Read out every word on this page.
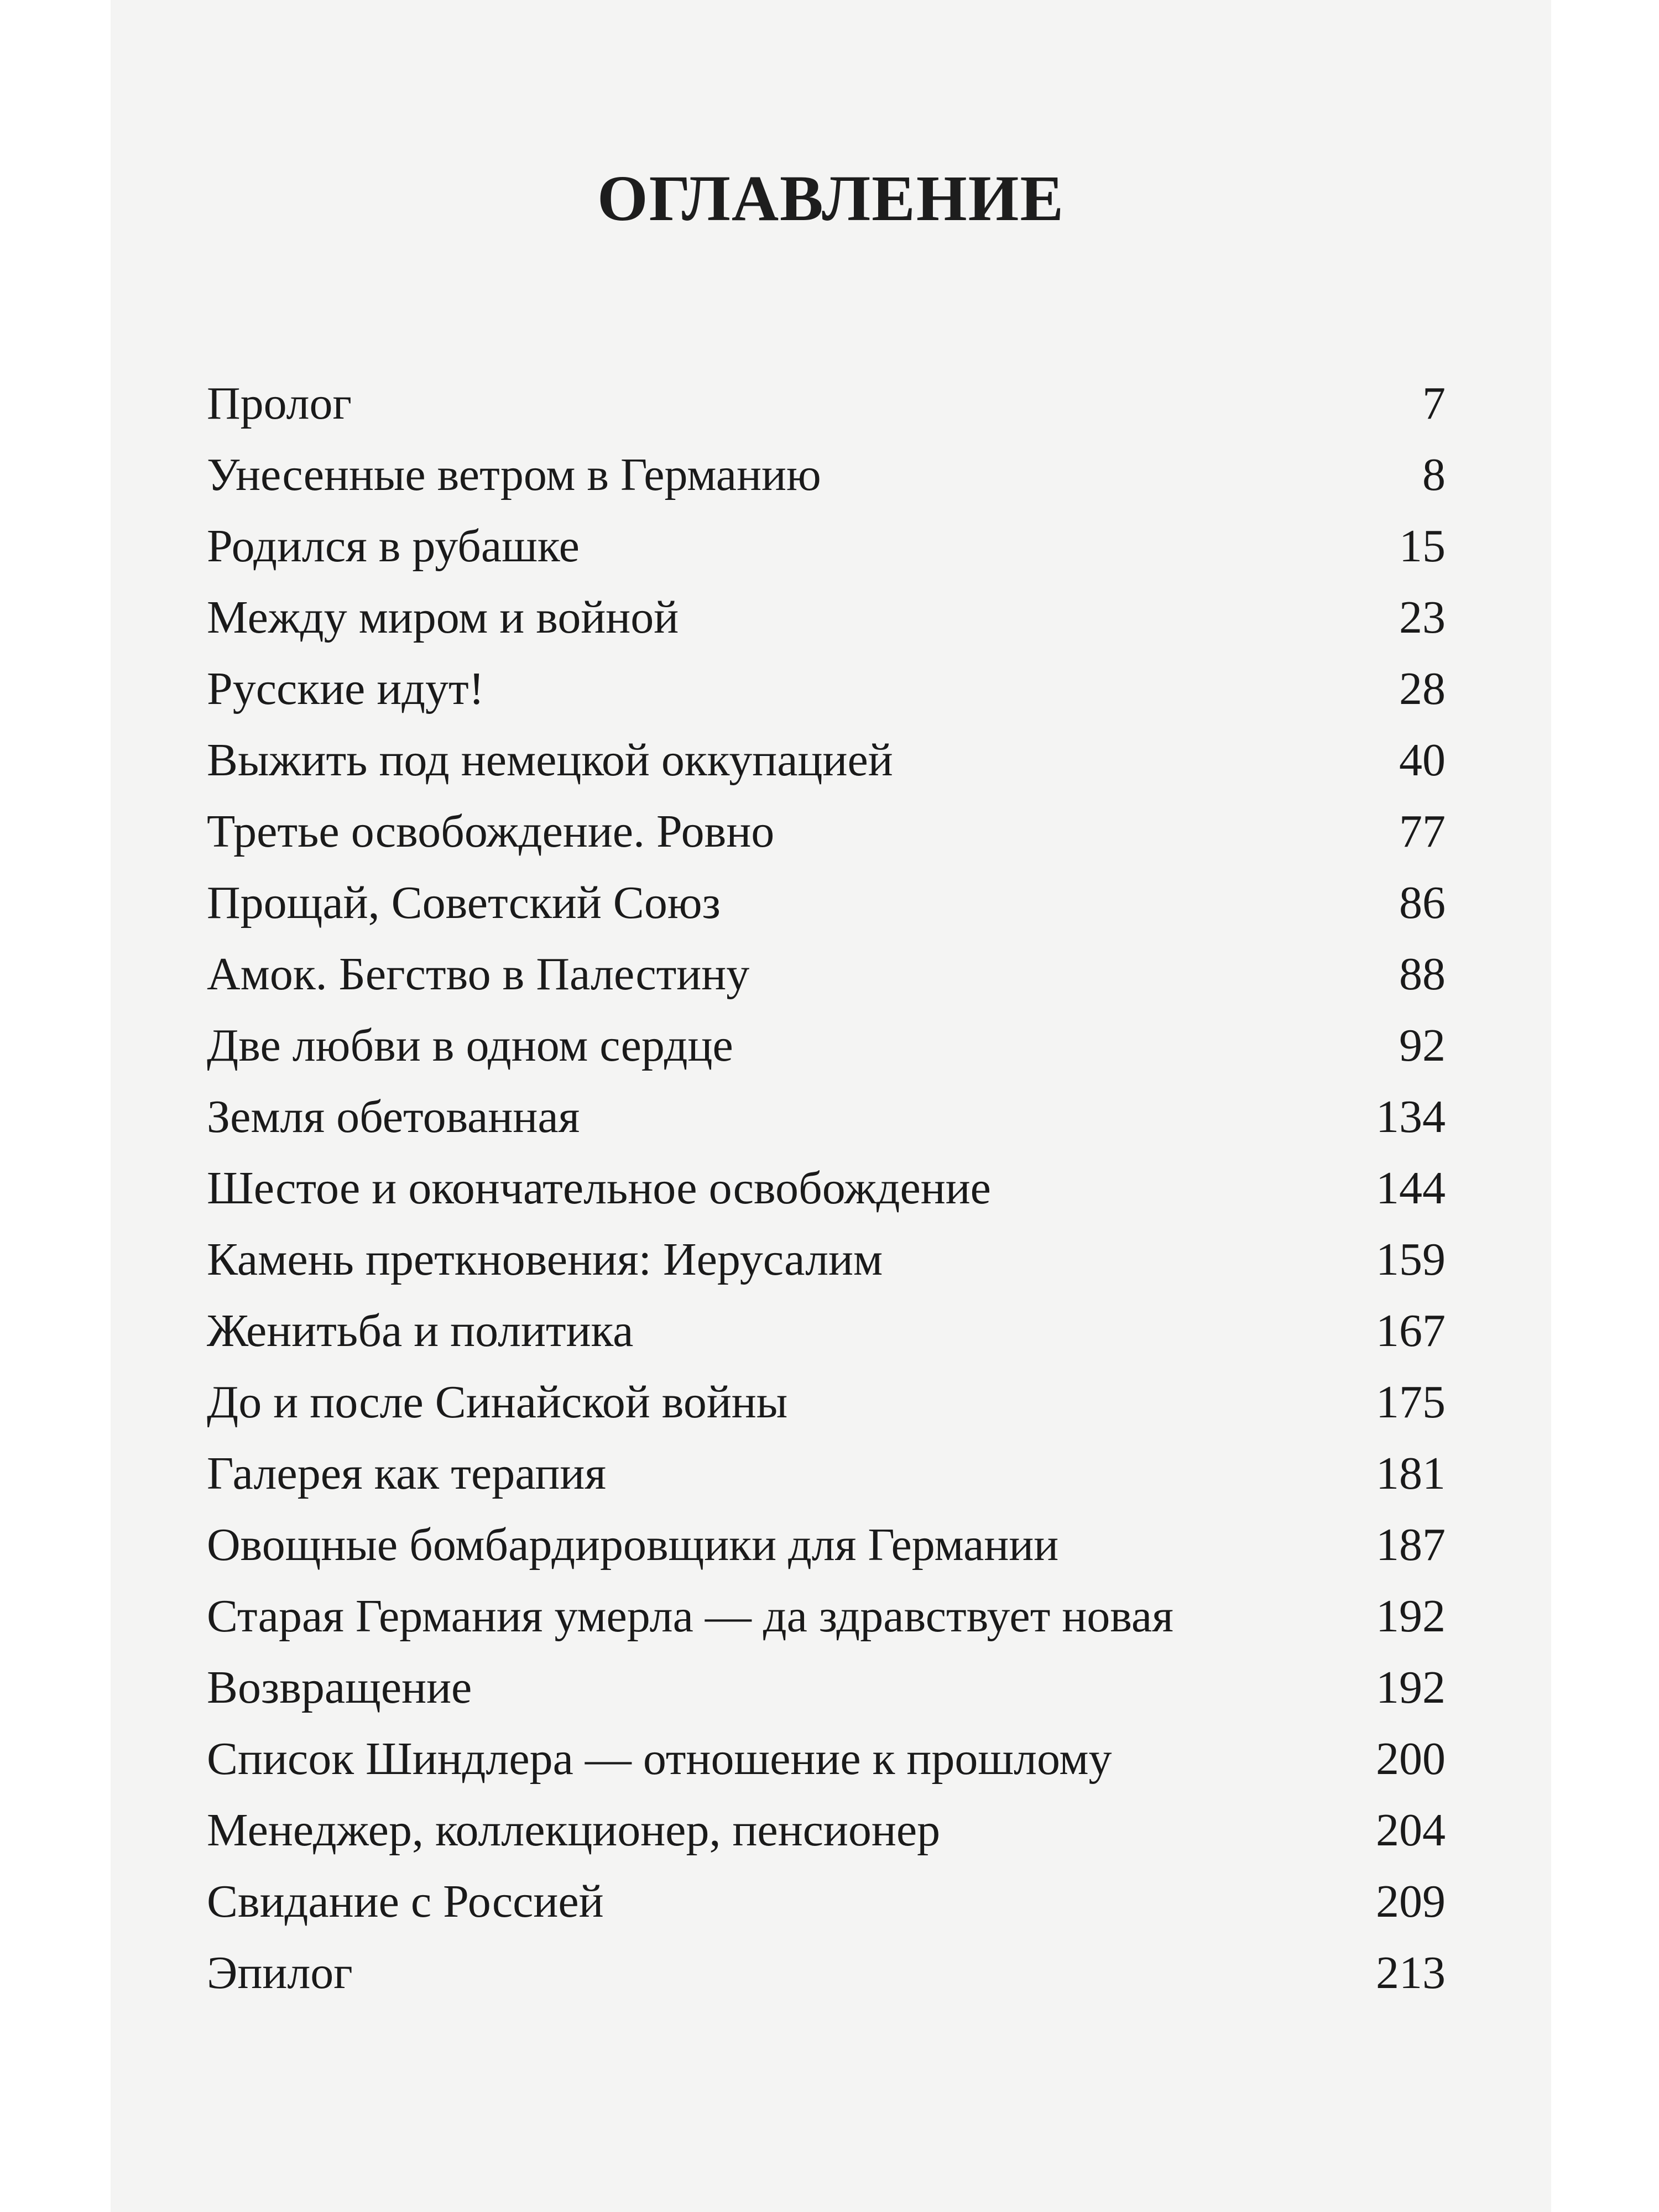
ОГЛАВЛЕНИЕ
Пролог	7
Унесенные ветром в Германию	8
Родился в рубашке	15
Между миром и войной	23
Русские идут!	28
Выжить под немецкой оккупацией	40
Третье освобождение. Ровно	77
Прощай, Советский Союз	86
Амок. Бегство в Палестину	88
Две любви в одном сердце	92
Земля обетованная	134
Шестое и окончательное освобождение	144
Камень преткновения: Иерусалим	159
Женитьба и политика	167
До и после Синайской войны	175
Галерея как терапия	181
Овощные бомбардировщики для Германии	187
Старая Германия умерла — да здравствует новая	192
Возвращение	192
Список Шиндлера — отношение к прошлому	200
Менеджер, коллекционер, пенсионер	204
Свидание с Россией	209
Эпилог	213
